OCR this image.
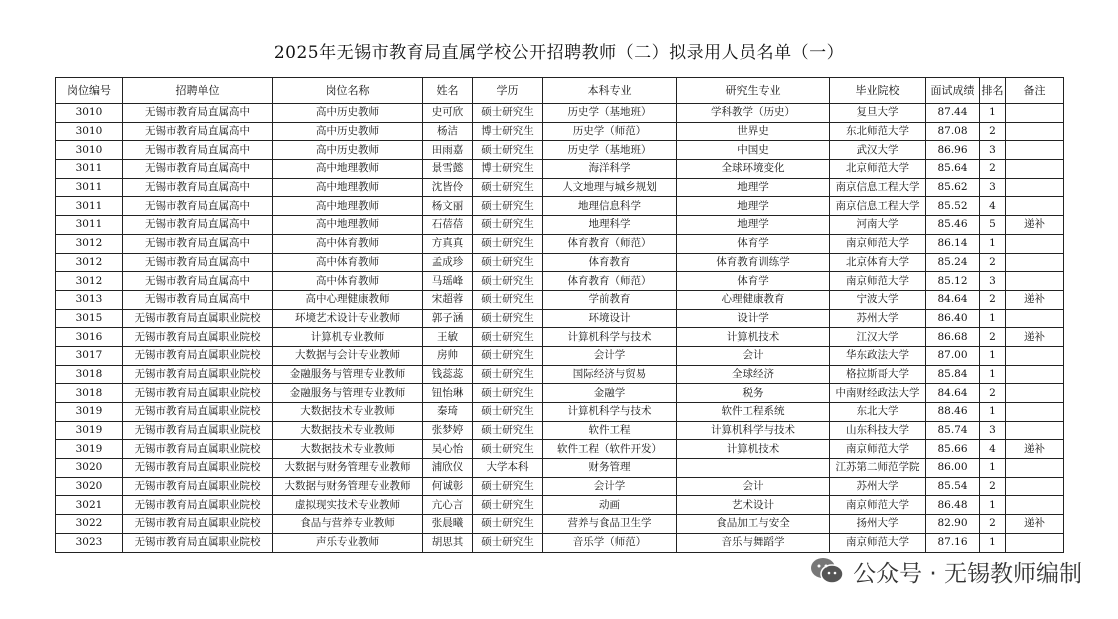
2025年无锡市教育局直属学校公开招聘教师（二）拟录用人员名单（一）
岗位编号	招聘单位	岗位名称	姓名	学历	本科专业	研究生专业	毕业院校	面试成绩	排名	备注
3010	无锡市教育局直属高中	高中历史教师	史可欣	硕士研究生	历史学（基地班）	学科教学（历史）	复旦大学	87.44	1	
3010	无锡市教育局直属高中	高中历史教师	杨洁	博士研究生	历史学（师范）	世界史	东北师范大学	87.08	2	
3010	无锡市教育局直属高中	高中历史教师	田雨嘉	硕士研究生	历史学（基地班）	中国史	武汉大学	86.96	3	
3011	无锡市教育局直属高中	高中地理教师	景雪懿	博士研究生	海洋科学	全球环境变化	北京师范大学	85.64	2	
3011	无锡市教育局直属高中	高中地理教师	沈皆伶	硕士研究生	人文地理与城乡规划	地理学	南京信息工程大学	85.62	3	
3011	无锡市教育局直属高中	高中地理教师	杨文丽	硕士研究生	地理信息科学	地理学	南京信息工程大学	85.52	4	
3011	无锡市教育局直属高中	高中地理教师	石蓓蓓	硕士研究生	地理科学	地理学	河南大学	85.46	5	递补
3012	无锡市教育局直属高中	高中体育教师	方真真	硕士研究生	体育教育（师范）	体育学	南京师范大学	86.14	1	
3012	无锡市教育局直属高中	高中体育教师	孟成珍	硕士研究生	体育教育	体育教育训练学	北京体育大学	85.24	2	
3012	无锡市教育局直属高中	高中体育教师	马瑶峰	硕士研究生	体育教育（师范）	体育学	南京师范大学	85.12	3	
3013	无锡市教育局直属高中	高中心理健康教师	宋超蓉	硕士研究生	学前教育	心理健康教育	宁波大学	84.64	2	递补
3015	无锡市教育局直属职业院校	环境艺术设计专业教师	郭子涵	硕士研究生	环境设计	设计学	苏州大学	86.40	1	
3016	无锡市教育局直属职业院校	计算机专业教师	王敏	硕士研究生	计算机科学与技术	计算机技术	江汉大学	86.68	2	递补
3017	无锡市教育局直属职业院校	大数据与会计专业教师	房帅	硕士研究生	会计学	会计	华东政法大学	87.00	1	
3018	无锡市教育局直属职业院校	金融服务与管理专业教师	钱蕊蕊	硕士研究生	国际经济与贸易	全球经济	格拉斯哥大学	85.84	1	
3018	无锡市教育局直属职业院校	金融服务与管理专业教师	钮怡琳	硕士研究生	金融学	税务	中南财经政法大学	84.64	2	
3019	无锡市教育局直属职业院校	大数据技术专业教师	秦琦	硕士研究生	计算机科学与技术	软件工程系统	东北大学	88.46	1	
3019	无锡市教育局直属职业院校	大数据技术专业教师	张梦婷	硕士研究生	软件工程	计算机科学与技术	山东科技大学	85.74	3	
3019	无锡市教育局直属职业院校	大数据技术专业教师	吴心怡	硕士研究生	软件工程（软件开发）	计算机技术	南京师范大学	85.66	4	递补
3020	无锡市教育局直属职业院校	大数据与财务管理专业教师	浦欣仪	大学本科	财务管理		江苏第二师范学院	86.00	1	
3020	无锡市教育局直属职业院校	大数据与财务管理专业教师	何诚彰	硕士研究生	会计学	会计	苏州大学	85.54	2	
3021	无锡市教育局直属职业院校	虚拟现实技术专业教师	亢心言	硕士研究生	动画	艺术设计	南京师范大学	86.48	1	
3022	无锡市教育局直属职业院校	食品与营养专业教师	张晨曦	硕士研究生	营养与食品卫生学	食品加工与安全	扬州大学	82.90	2	递补
3023	无锡市教育局直属职业院校	声乐专业教师	胡思其	硕士研究生	音乐学（师范）	音乐与舞蹈学	南京师范大学	87.16	1	
公众号 · 无锡教师编制
